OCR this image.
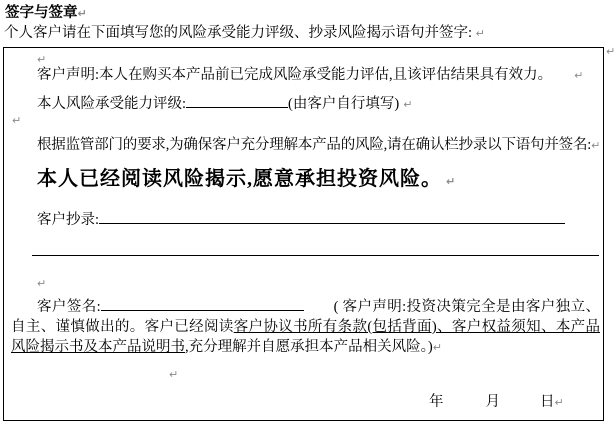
签字与签章↵
个人客户请在下面填写您的风险承受能力评级、抄录风险揭示语句并签字: ↵
↵
↵
客户声明:本人在购买本产品前已完成风险承受能力评估,且该评估结果具有效力。 ↵
本人风险承受能力评级:	(由客户自行填写) ↵
↵
根据监管部门的要求,为确保客户充分理解本产品的风险,请在确认栏抄录以下语句并签名:↵
本人已经阅读风险揭示,愿意承担投资风险。 ↵
客户抄录:
↵
客户签名:	( 客户声明:投资决策完全是由客户独立、自主、谨慎做出的。客户已经阅读客户协议书所有条款(包括背面)、客户权益须知、本产品风险揭示书及本产品说明书,充分理解并自愿承担本产品相关风险。)↵
↵
年	月	日↵
